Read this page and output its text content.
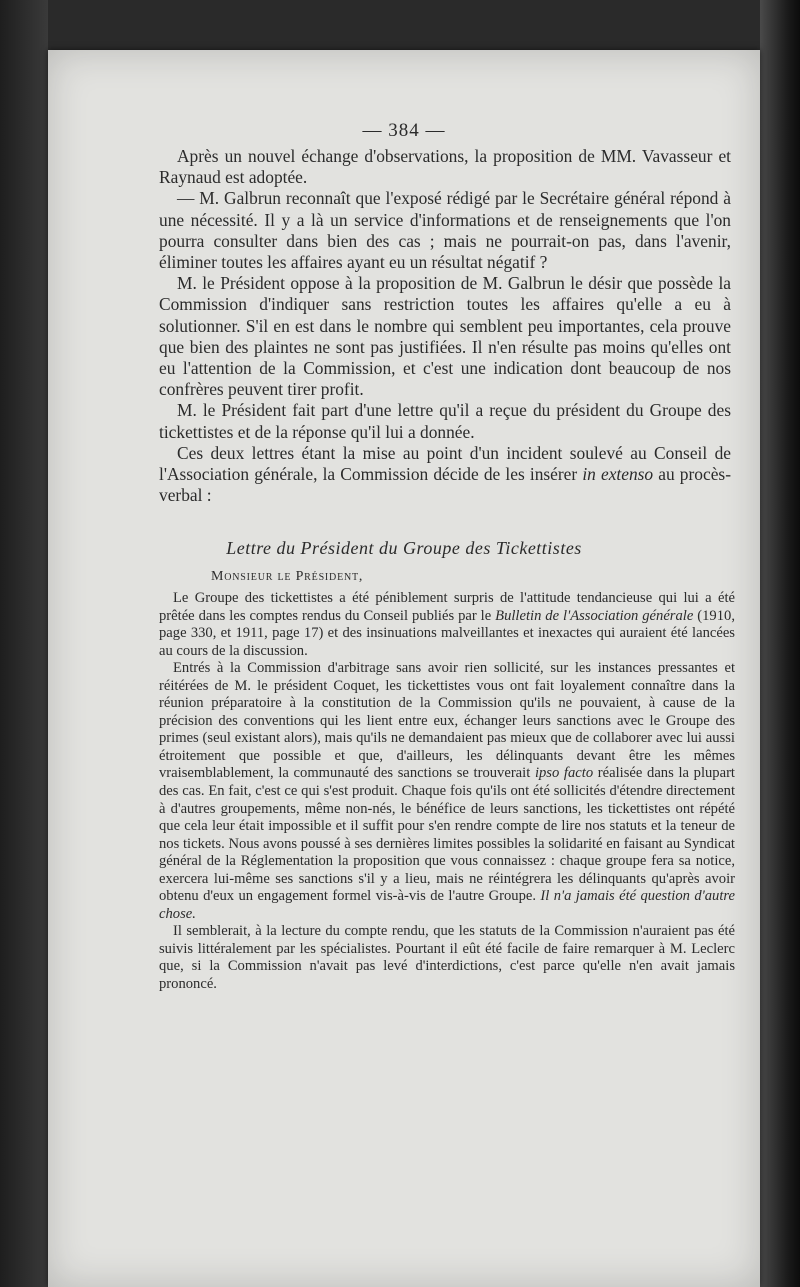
— 384 —

Après un nouvel échange d'observations, la proposition de MM. Vavasseur et Raynaud est adoptée.

— M. Galbrun reconnaît que l'exposé rédigé par le Secrétaire général répond à une nécessité. Il y a là un service d'informations et de renseignements que l'on pourra consulter dans bien des cas ; mais ne pourrait-on pas, dans l'avenir, éliminer toutes les affaires ayant eu un résultat négatif ?

M. le Président oppose à la proposition de M. Galbrun le désir que possède la Commission d'indiquer sans restriction toutes les affaires qu'elle a eu à solutionner. S'il en est dans le nombre qui semblent peu importantes, cela prouve que bien des plaintes ne sont pas justifiées. Il n'en résulte pas moins qu'elles ont eu l'attention de la Commission, et c'est une indication dont beaucoup de nos confrères peuvent tirer profit.

M. le Président fait part d'une lettre qu'il a reçue du président du Groupe des tickettistes et de la réponse qu'il lui a donnée.

Ces deux lettres étant la mise au point d'un incident soulevé au Conseil de l'Association générale, la Commission décide de les insérer in extenso au procès-verbal :

Lettre du Président du Groupe des Tickettistes
Monsieur le Président,

Le Groupe des tickettistes a été péniblement surpris de l'attitude tendancieuse qui lui a été prêtée dans les comptes rendus du Conseil publiés par le Bulletin de l'Association générale (1910, page 330, et 1911, page 17) et des insinuations malveillantes et inexactes qui auraient été lancées au cours de la discussion.

Entrés à la Commission d'arbitrage sans avoir rien sollicité, sur les instances pressantes et réitérées de M. le président Coquet, les tickettistes vous ont fait loyalement connaître dans la réunion préparatoire à la constitution de la Commission qu'ils ne pouvaient, à cause de la précision des conventions qui les lient entre eux, échanger leurs sanctions avec le Groupe des primes (seul existant alors), mais qu'ils ne demandaient pas mieux que de collaborer avec lui aussi étroitement que possible et que, d'ailleurs, les délinquants devant être les mêmes vraisemblablement, la communauté des sanctions se trouverait ipso facto réalisée dans la plupart des cas. En fait, c'est ce qui s'est produit. Chaque fois qu'ils ont été sollicités d'étendre directement à d'autres groupements, même non-nés, le bénéfice de leurs sanctions, les tickettistes ont répété que cela leur était impossible et il suffit pour s'en rendre compte de lire nos statuts et la teneur de nos tickets. Nous avons poussé à ses dernières limites possibles la solidarité en faisant au Syndicat général de la Réglementation la proposition que vous connaissez : chaque groupe fera sa notice, exercera lui-même ses sanctions s'il y a lieu, mais ne réintégrera les délinquants qu'après avoir obtenu d'eux un engagement formel vis-à-vis de l'autre Groupe. Il n'a jamais été question d'autre chose.

Il semblerait, à la lecture du compte rendu, que les statuts de la Commission n'auraient pas été suivis littéralement par les spécialistes. Pourtant il eût été facile de faire remarquer à M. Leclerc que, si la Commission n'avait pas levé d'interdictions, c'est parce qu'elle n'en avait jamais prononcé.
